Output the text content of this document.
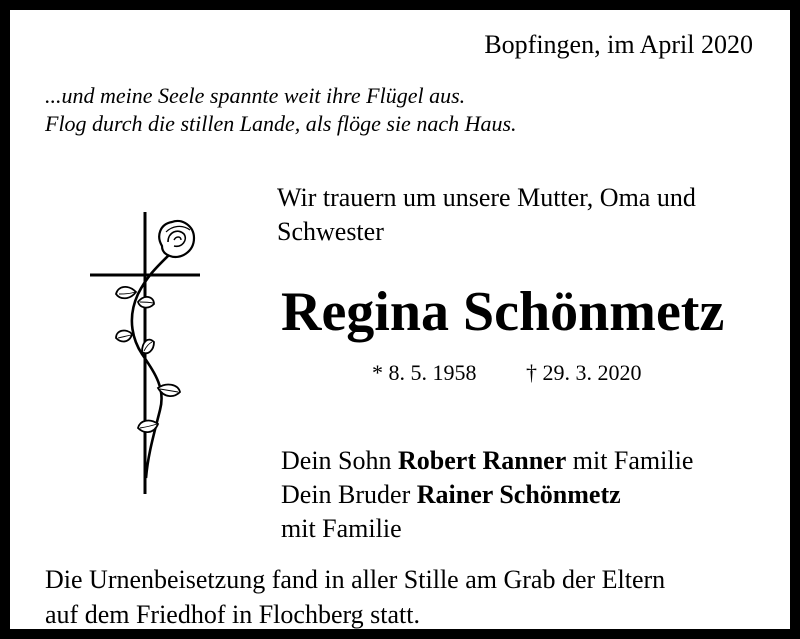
Bopfingen, im April 2020
...und meine Seele spannte weit ihre Flügel aus.
Flog durch die stillen Lande, als flöge sie nach Haus.
Wir trauern um unsere Mutter, Oma und
Schwester
Regina Schönmetz
* 8. 5. 1958 † 29. 3. 2020
Dein Sohn Robert Ranner mit Familie
Dein Bruder Rainer Schönmetz
mit Familie
Die Urnenbeisetzung fand in aller Stille am Grab der Eltern
auf dem Friedhof in Flochberg statt.
